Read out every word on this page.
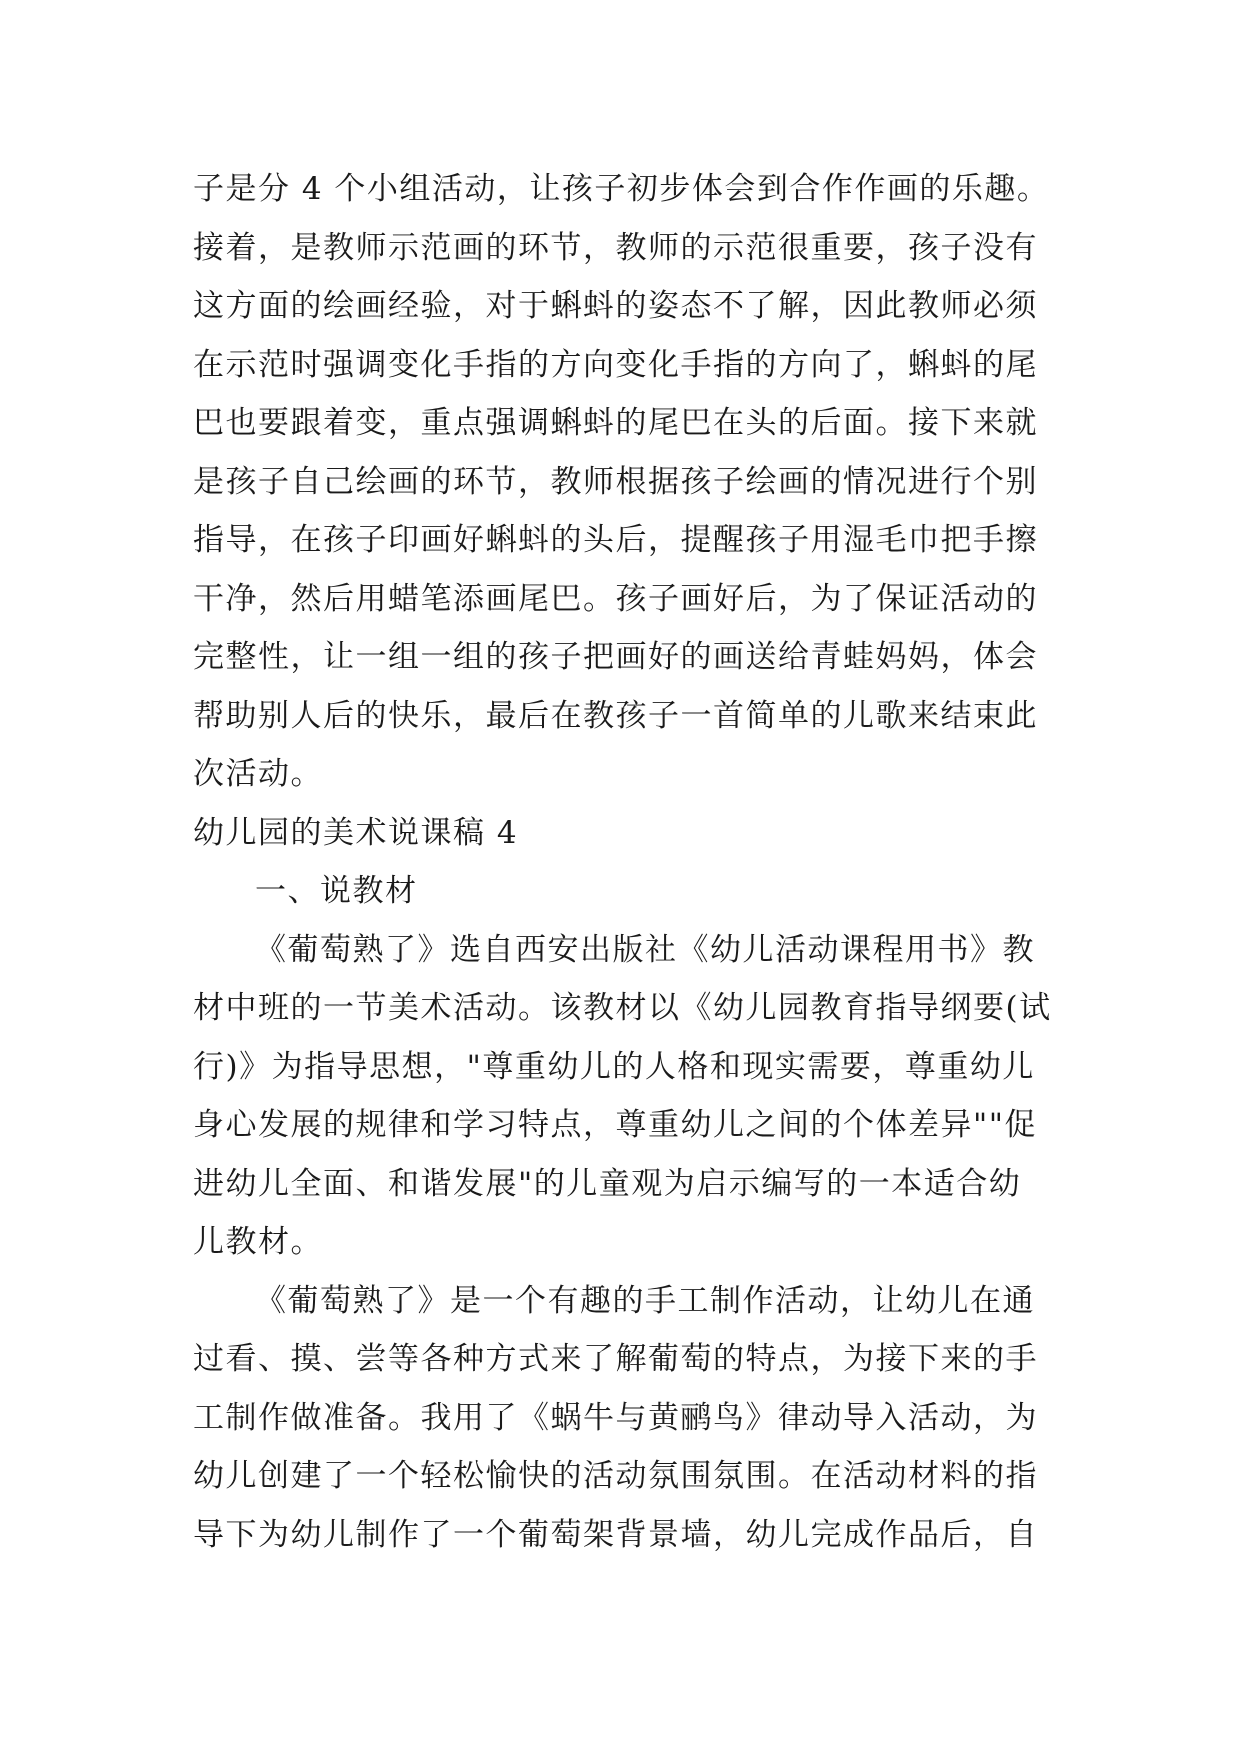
子是分 4 个小组活动，让孩子初步体会到合作作画的乐趣。
接着，是教师示范画的环节，教师的示范很重要，孩子没有
这方面的绘画经验，对于蝌蚪的姿态不了解，因此教师必须
在示范时强调变化手指的方向变化手指的方向了，蝌蚪的尾
巴也要跟着变，重点强调蝌蚪的尾巴在头的后面。接下来就
是孩子自己绘画的环节，教师根据孩子绘画的情况进行个别
指导，在孩子印画好蝌蚪的头后，提醒孩子用湿毛巾把手擦
干净，然后用蜡笔添画尾巴。孩子画好后，为了保证活动的
完整性，让一组一组的孩子把画好的画送给青蛙妈妈，体会
帮助别人后的快乐，最后在教孩子一首简单的儿歌来结束此
次活动。
幼儿园的美术说课稿 4
一、说教材
《葡萄熟了》选自西安出版社《幼儿活动课程用书》教
材中班的一节美术活动。该教材以《幼儿园教育指导纲要(试
行)》为指导思想，"尊重幼儿的人格和现实需要，尊重幼儿
身心发展的规律和学习特点，尊重幼儿之间的个体差异""促
进幼儿全面、和谐发展"的儿童观为启示编写的一本适合幼
儿教材。
《葡萄熟了》是一个有趣的手工制作活动，让幼儿在通
过看、摸、尝等各种方式来了解葡萄的特点，为接下来的手
工制作做准备。我用了《蜗牛与黄鹂鸟》律动导入活动，为
幼儿创建了一个轻松愉快的活动氛围氛围。在活动材料的指
导下为幼儿制作了一个葡萄架背景墙，幼儿完成作品后，自
